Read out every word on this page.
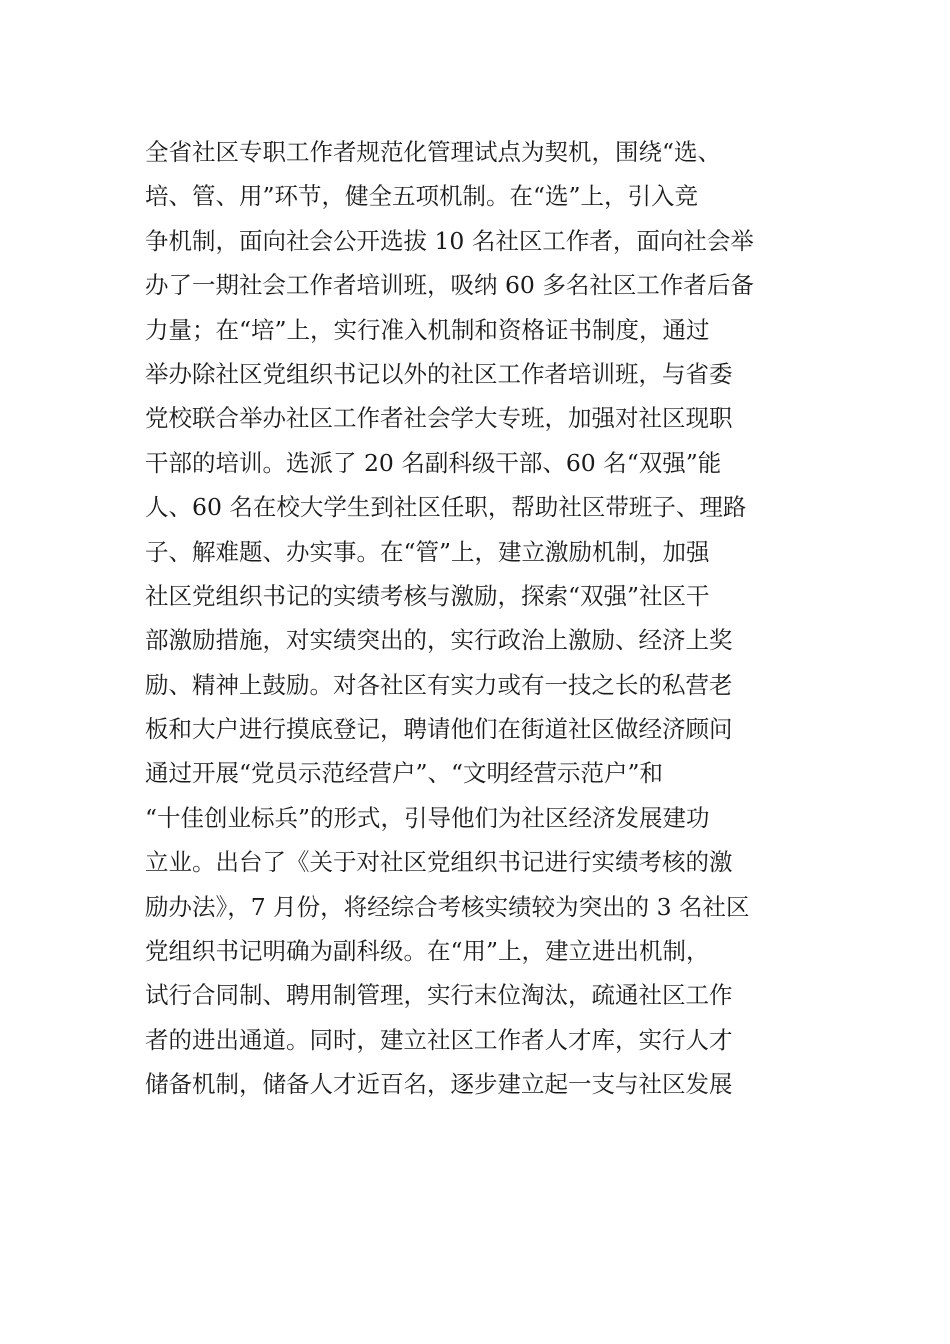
全省社区专职工作者规范化管理试点为契机，围绕“选、
培、管、用”环节，健全五项机制。在“选”上，引入竞
争机制，面向社会公开选拔 10 名社区工作者，面向社会举
办了一期社会工作者培训班，吸纳 60 多名社区工作者后备
力量；在“培”上，实行准入机制和资格证书制度，通过
举办除社区党组织书记以外的社区工作者培训班，与省委
党校联合举办社区工作者社会学大专班，加强对社区现职
干部的培训。选派了 20 名副科级干部、60 名“双强”能
人、60 名在校大学生到社区任职，帮助社区带班子、理路
子、解难题、办实事。在“管”上，建立激励机制，加强
社区党组织书记的实绩考核与激励，探索“双强”社区干
部激励措施，对实绩突出的，实行政治上激励、经济上奖
励、精神上鼓励。对各社区有实力或有一技之长的私营老
板和大户进行摸底登记，聘请他们在街道社区做经济顾问
通过开展“党员示范经营户”、“文明经营示范户”和
“十佳创业标兵”的形式，引导他们为社区经济发展建功
立业。出台了《关于对社区党组织书记进行实绩考核的激
励办法》，7 月份，将经综合考核实绩较为突出的 3 名社区
党组织书记明确为副科级。在“用”上，建立进出机制，
试行合同制、聘用制管理，实行末位淘汰，疏通社区工作
者的进出通道。同时，建立社区工作者人才库，实行人才
储备机制，储备人才近百名，逐步建立起一支与社区发展
